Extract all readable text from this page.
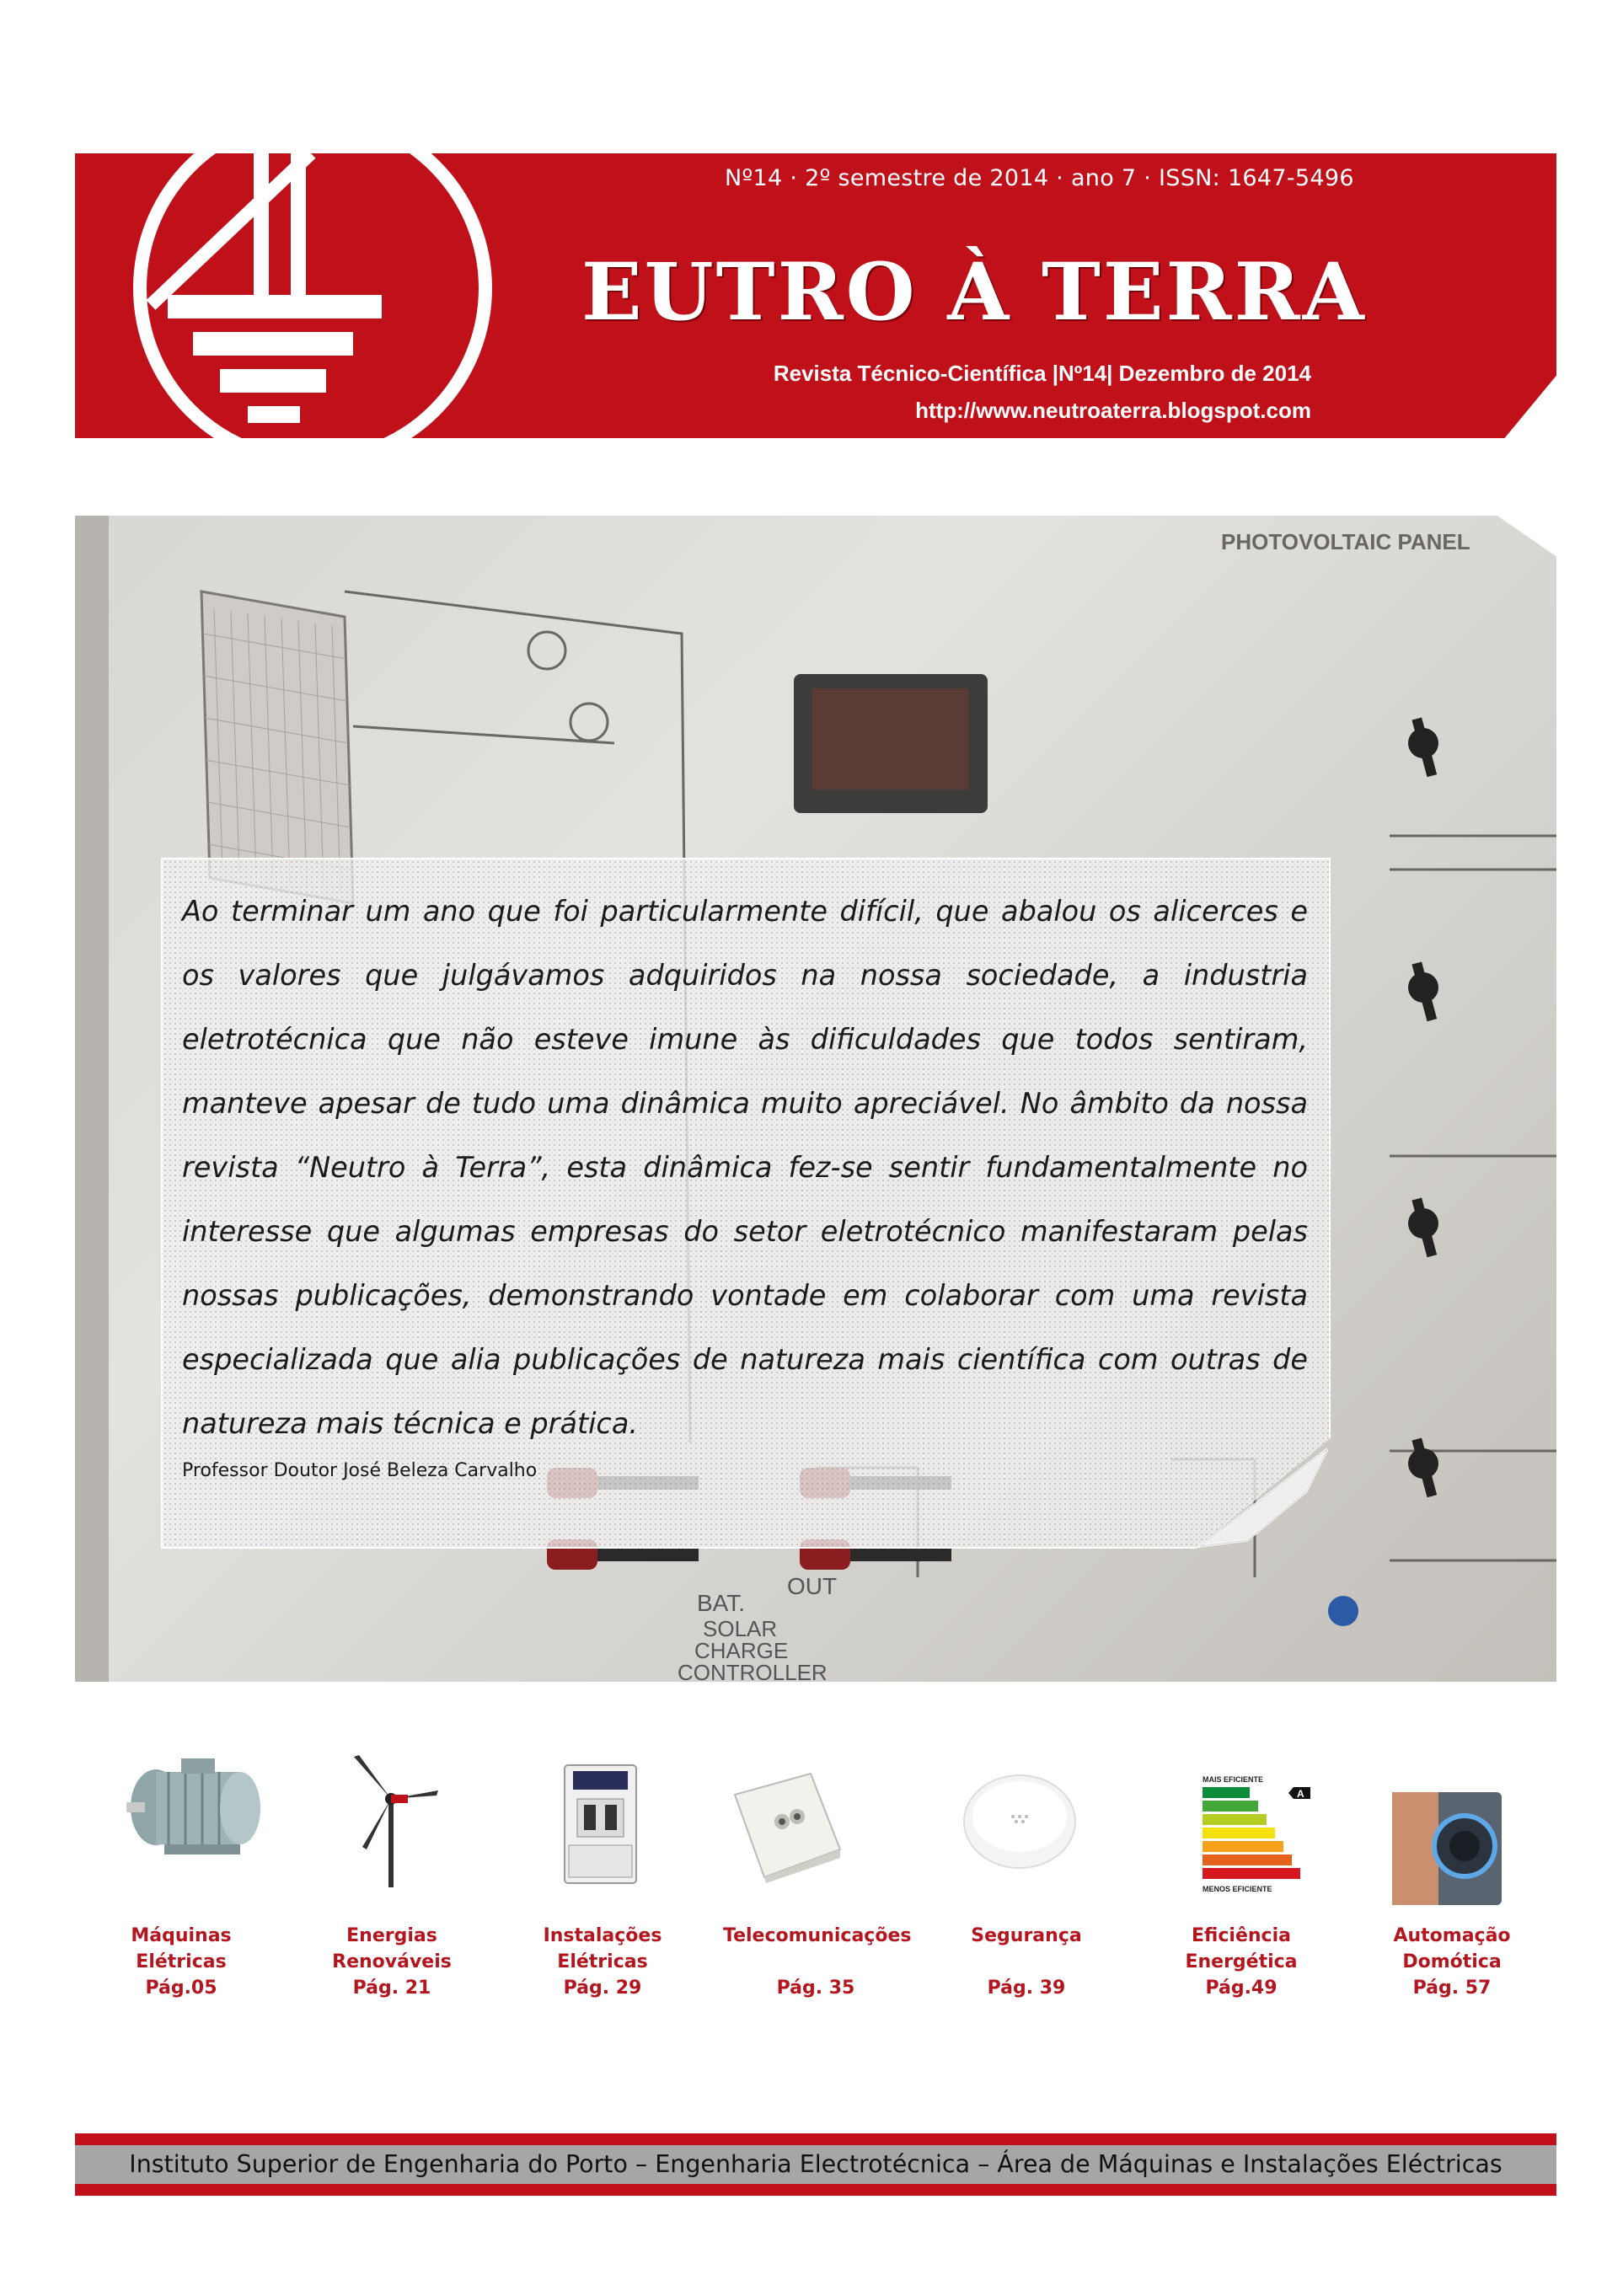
Nº14 · 2º semestre de 2014 · ano 7 · ISSN: 1647-5496
EUTRO À TERRA
Revista Técnico-Científica |Nº14| Dezembro de 2014
http://www.neutroaterra.blogspot.com
PHOTOVOLTAIC PANEL
BAT.
OUT
SOLAR
CHARGE
CONTROLLER
Ao terminar um ano que foi particularmente difícil, que abalou os alicerces e os valores que julgávamos adquiridos na nossa sociedade, a industria eletrotécnica que não esteve imune às dificuldades que todos sentiram, manteve apesar de tudo uma dinâmica muito apreciável. No âmbito da nossa revista “Neutro à Terra”, esta dinâmica fez-se sentir fundamentalmente no interesse que algumas empresas do setor eletrotécnico manifestaram pelas nossas publicações, demonstrando vontade em colaborar com uma revista especializada que alia publicações de natureza mais científica com outras de natureza mais técnica e prática.
Professor Doutor José Beleza Carvalho
MAIS EFICIENTE
A
MENOS EFICIENTE
Máquinas
Elétricas
Pág.05
Energias
Renováveis
Pág. 21
Instalações
Elétricas
Pág. 29
Telecomunicações
Pág. 35
Segurança
Pág. 39
Eficiência
Energética
Pág.49
Automação
Domótica
Pág. 57
Instituto Superior de Engenharia do Porto – Engenharia Electrotécnica – Área de Máquinas e Instalações Eléctricas
